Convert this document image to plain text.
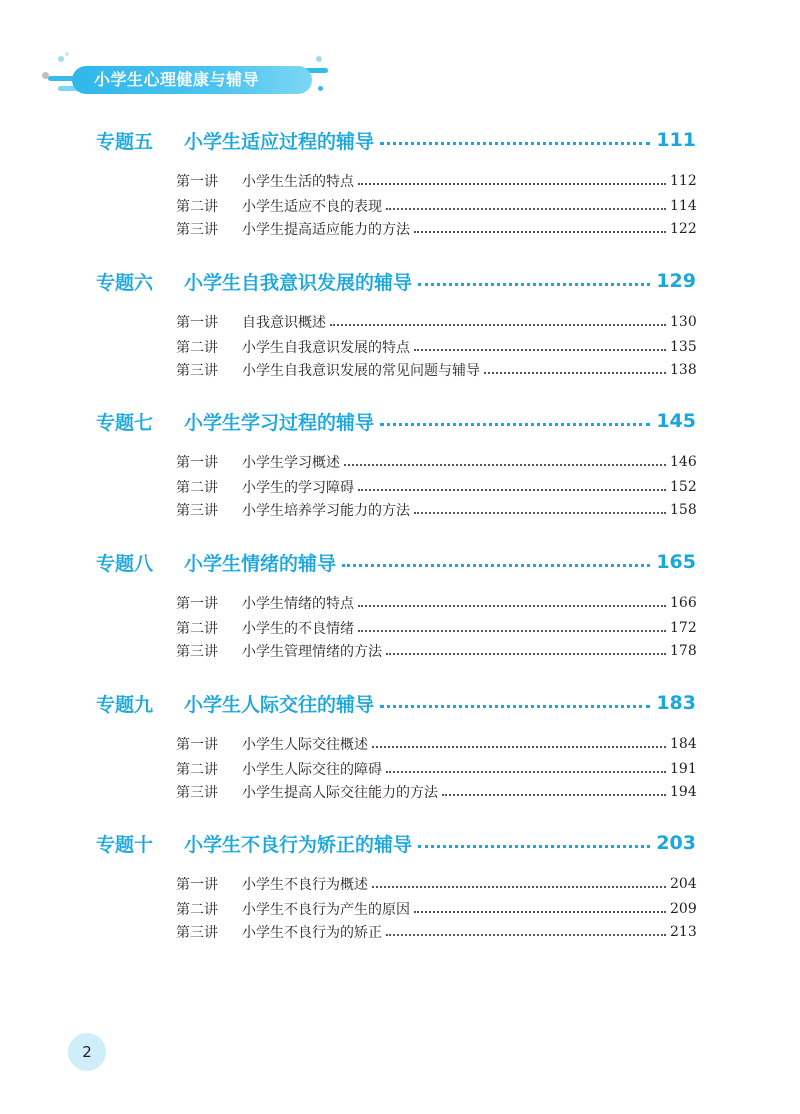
小学生心理健康与辅导
专题五	小学生适应过程的辅导	111
第一讲	小学生生活的特点	112
第二讲	小学生适应不良的表现	114
第三讲	小学生提高适应能力的方法	122
专题六	小学生自我意识发展的辅导	129
第一讲	自我意识概述	130
第二讲	小学生自我意识发展的特点	135
第三讲	小学生自我意识发展的常见问题与辅导	138
专题七	小学生学习过程的辅导	145
第一讲	小学生学习概述	146
第二讲	小学生的学习障碍	152
第三讲	小学生培养学习能力的方法	158
专题八	小学生情绪的辅导	165
第一讲	小学生情绪的特点	166
第二讲	小学生的不良情绪	172
第三讲	小学生管理情绪的方法	178
专题九	小学生人际交往的辅导	183
第一讲	小学生人际交往概述	184
第二讲	小学生人际交往的障碍	191
第三讲	小学生提高人际交往能力的方法	194
专题十	小学生不良行为矫正的辅导	203
第一讲	小学生不良行为概述	204
第二讲	小学生不良行为产生的原因	209
第三讲	小学生不良行为的矫正	213
2
